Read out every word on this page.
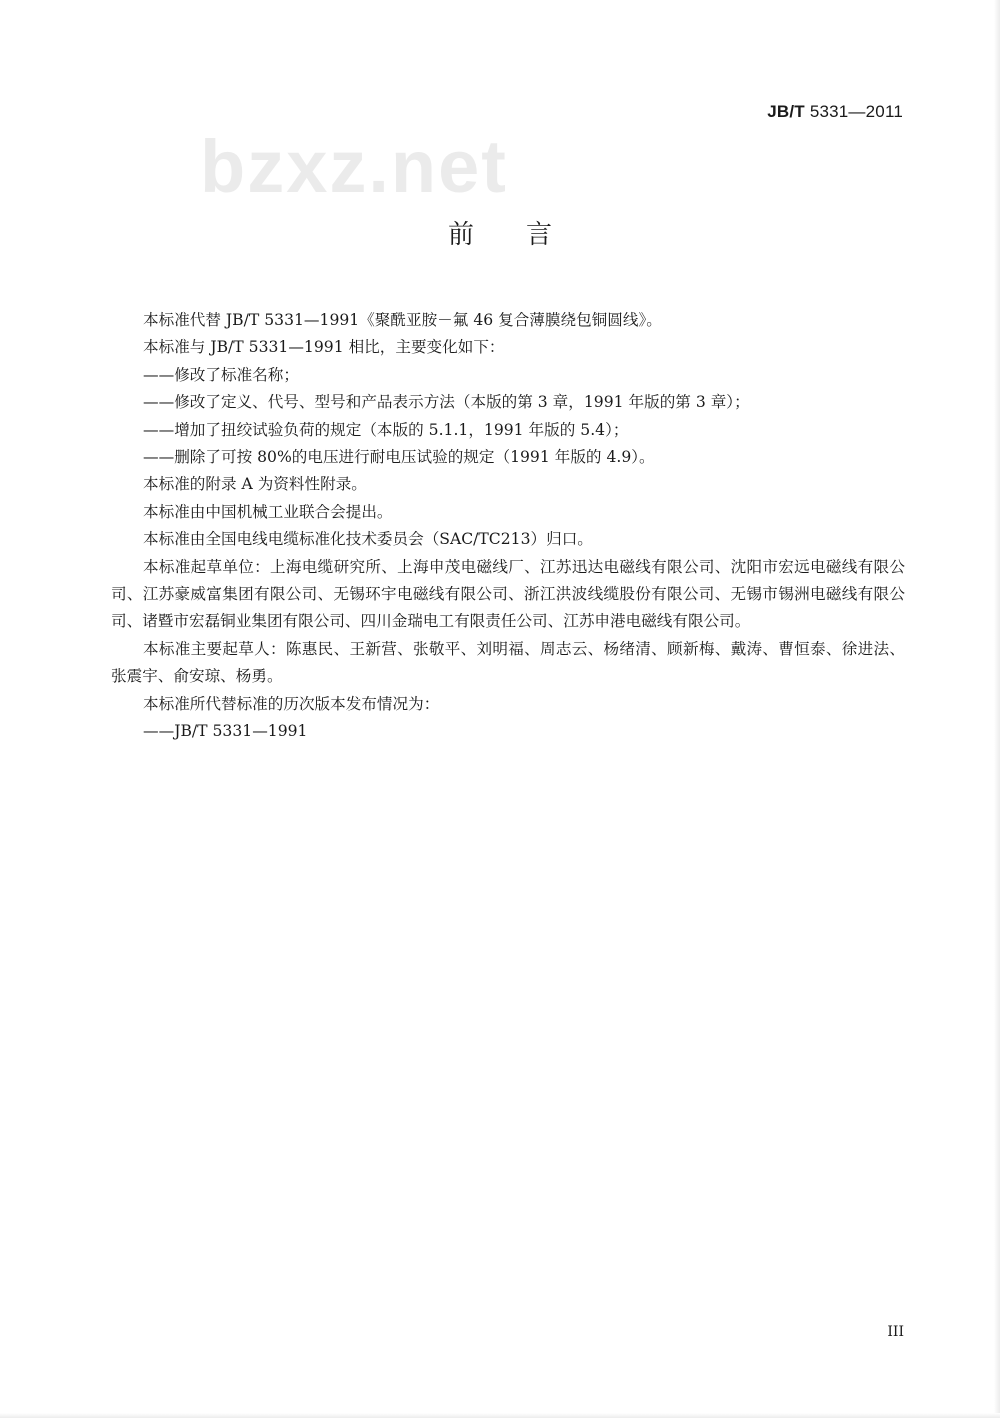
JB/T 5331—2011
bzxz.net
前言

本标准代替 JB/T 5331—1991《聚酰亚胺－氟 46 复合薄膜绕包铜圆线》。

本标准与 JB/T 5331—1991 相比，主要变化如下：

——修改了标准名称；

——修改了定义、代号、型号和产品表示方法（本版的第 3 章，1991 年版的第 3 章）；

——增加了扭绞试验负荷的规定（本版的 5.1.1，1991 年版的 5.4）；

——删除了可按 80%的电压进行耐电压试验的规定（1991 年版的 4.9）。

本标准的附录 A 为资料性附录。

本标准由中国机械工业联合会提出。

本标准由全国电线电缆标准化技术委员会（SAC/TC213）归口。

本标准起草单位：上海电缆研究所、上海申茂电磁线厂、江苏迅达电磁线有限公司、沈阳市宏远电磁线有限公司、江苏豪威富集团有限公司、无锡环宇电磁线有限公司、浙江洪波线缆股份有限公司、无锡市锡洲电磁线有限公司、诸暨市宏磊铜业集团有限公司、四川金瑞电工有限责任公司、江苏申港电磁线有限公司。

本标准主要起草人：陈惠民、王新营、张敬平、刘明福、周志云、杨绪清、顾新梅、戴涛、曹恒泰、徐进法、张震宇、俞安琼、杨勇。

本标准所代替标准的历次版本发布情况为：

——JB/T 5331—1991

III
